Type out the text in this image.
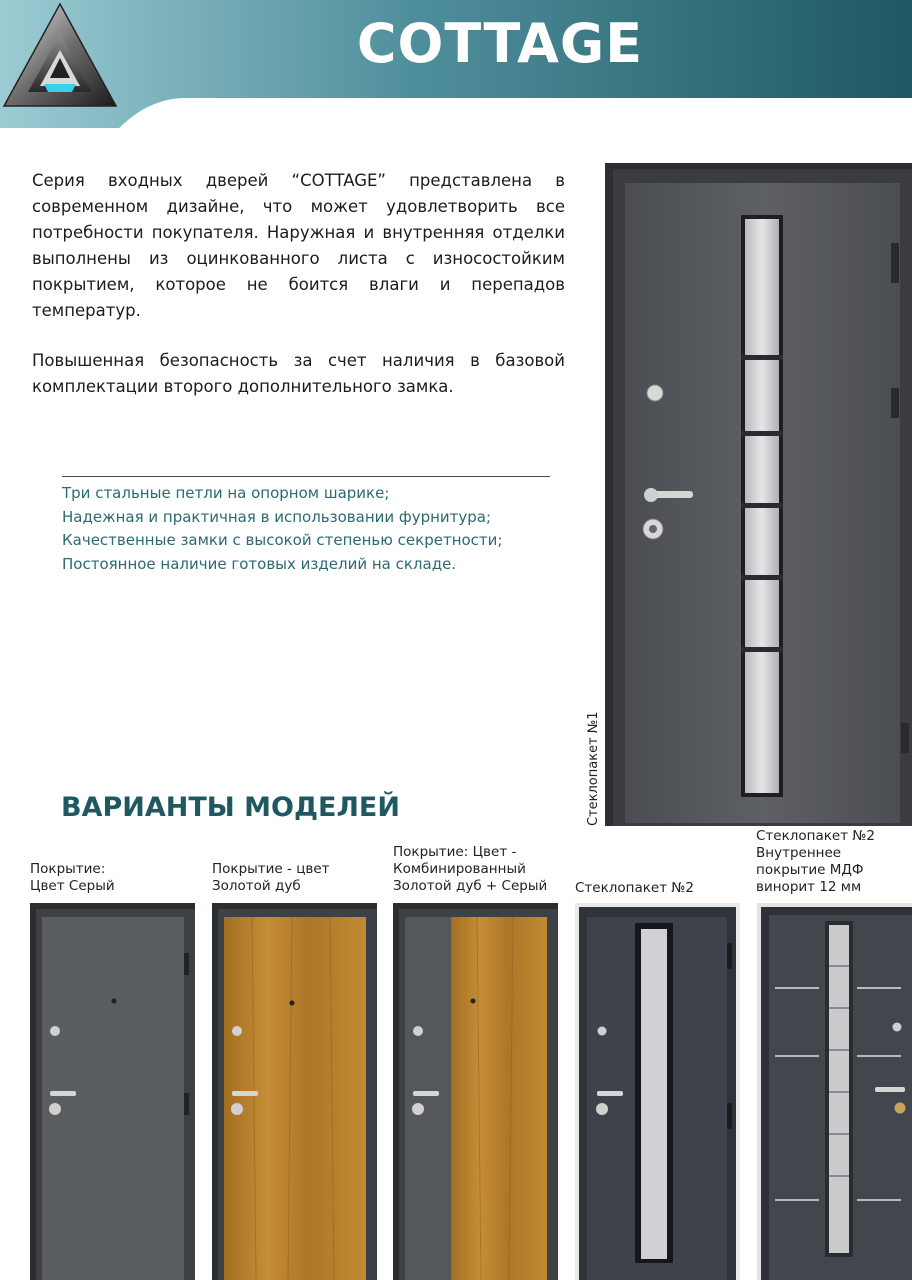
COTTAGE

Серия входных дверей “COTTAGE” представлена в современном дизайне, что может удовлетворить все потребности покупателя. Наружная и внутренняя отделки выполнены из оцинкованного листа с износостойким покрытием, которое не боится влаги и перепадов температур.

Повышенная безопасность за счет наличия в базовой комплектации второго дополнительного замка.

Три стальные петли на опорном шарике;
Надежная и практичная в использовании фурнитура;
Качественные замки с высокой степенью секретности;
Постоянное наличие готовых изделий на складе.
Стеклопакет №1
ВАРИАНТЫ МОДЕЛЕЙ
Покрытие:
Цвет Серый
Покрытие - цвет
Золотой дуб
Покрытие: Цвет -
Комбинированный
Золотой дуб + Серый	Стеклопакет №2
Стеклопакет №2
Внутреннее
покрытие МДФ
винорит 12 мм
